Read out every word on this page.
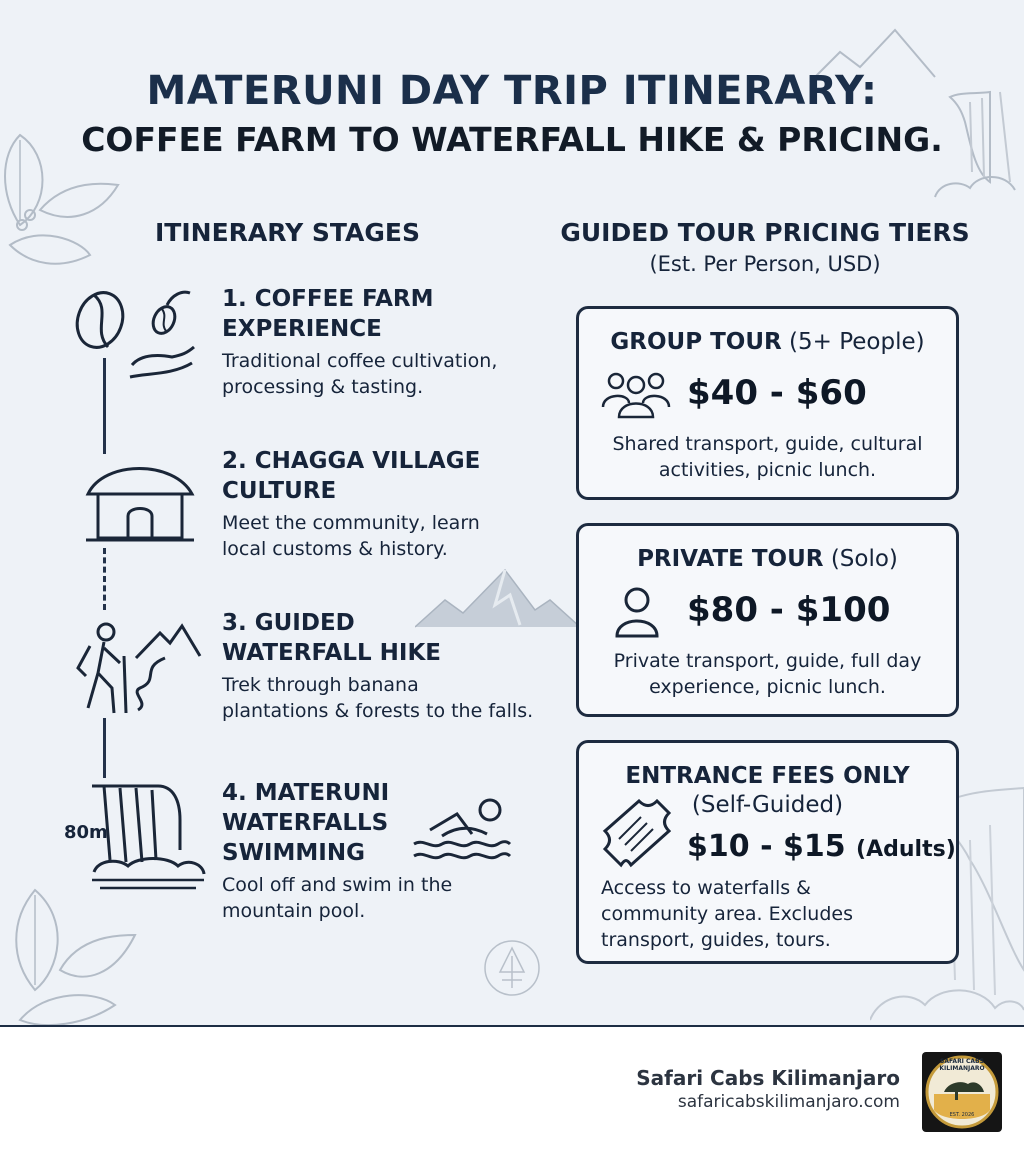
MATERUNI DAY TRIP ITINERARY:
COFFEE FARM TO WATERFALL HIKE & PRICING.
ITINERARY STAGES	GUIDED TOUR PRICING TIERS
(Est. Per Person, USD)
1. COFFEE FARM
EXPERIENCE
Traditional coffee cultivation,
processing & tasting.
2. CHAGGA VILLAGE
CULTURE
Meet the community, learn
local customs & history.
3. GUIDED
WATERFALL HIKE
Trek through banana
plantations & forests to the falls.
80m
4. MATERUNI
WATERFALLS
SWIMMING
Cool off and swim in the
mountain pool.
GROUP TOUR (5+ People)
$40 - $60
Shared transport, guide, cultural
activities, picnic lunch.
PRIVATE TOUR (Solo)
$80 - $100
Private transport, guide, full day
experience, picnic lunch.
ENTRANCE FEES ONLY
(Self-Guided)
$10 - $15 (Adults)
Access to waterfalls &
community area. Excludes
transport, guides, tours.
Safari Cabs Kilimanjaro
safaricabskilimanjaro.com
SAFARI CABS KILIMANJARO
EST. 2026
